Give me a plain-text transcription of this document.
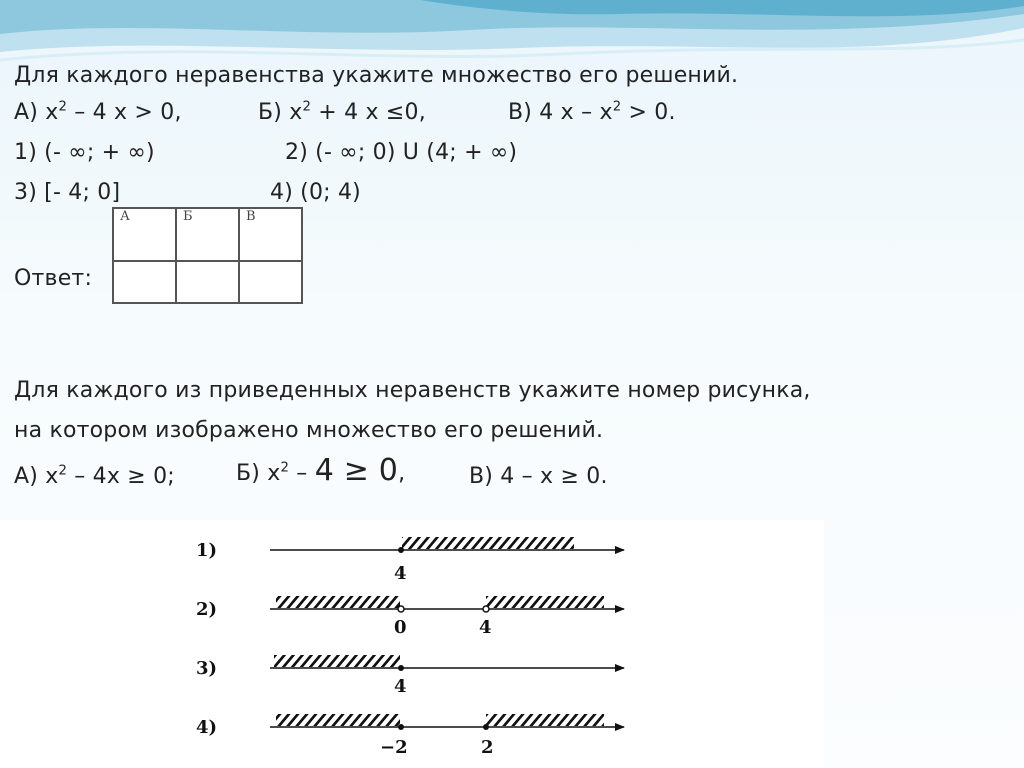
Для каждого неравенства укажите множество его решений.
А) $x^2 - 4$ x > 0,	Б) $x^2 + 4$ x ≤0,	В) 4 $x - x^2 > 0$.
1) (- ∞; + ∞)	2) (- ∞; 0) U (4; + ∞)
3) [- 4; 0]	4) (0; 4)
Ответ:
А	Б	В

Для каждого из приведенных неравенств укажите номер рисунка,
на котором изображено множество его решений.
А) $x^2 - 4x \ge 0$;	Б) $x^2 - 4 \ge 0$,	В) 4 – x ≥ 0.
1)
4
2)
0	4
3)
4
4)
−2	2
